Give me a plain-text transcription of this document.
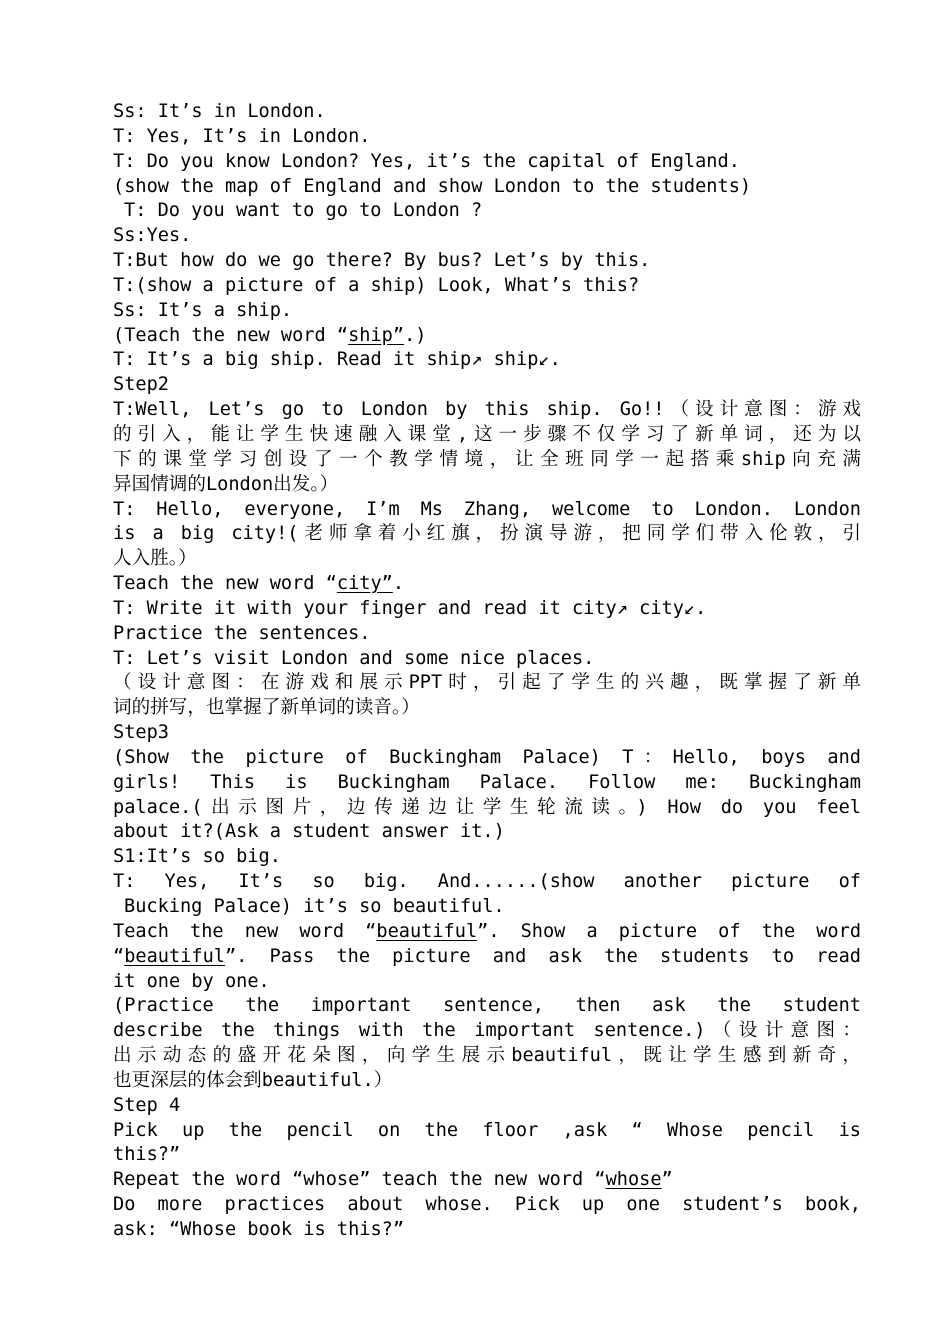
Ss: It’s in London.
T: Yes, It’s in London.
T: Do you know London? Yes, it’s the capital of England.
(show the map of England and show London to the students)
T: Do you want to go to London ?
Ss:Yes.
T:But how do we go there? By bus? Let’s by this.
T:(show a picture of a ship) Look, What’s this?
Ss: It’s a ship.
(Teach the new word “ship”.)
T: It’s a big ship. Read it ship↗ ship↙.
Step2
T:Well, Let’s go to London by this ship. Go!!（设计意图：游戏
的引入，能让学生快速融入课堂,这一步骤不仅学习了新单词，还为以
下的课堂学习创设了一个教学情境，让全班同学一起搭乘ship向充满
异国情调的London出发。）
T: Hello, everyone, I’m Ms Zhang, welcome to London. London
is a big city!(老师拿着小红旗，扮演导游，把同学们带入伦敦，引
人入胜。）
Teach the new word “city”.
T: Write it with your finger and read it city↗ city↙.
Practice the sentences.
T: Let’s visit London and some nice places.
（设计意图：在游戏和展示PPT时，引起了学生的兴趣，既掌握了新单
词的拼写，也掌握了新单词的读音。）
Step3
(Show the picture of Buckingham Palace) T：Hello, boys and
girls! This is Buckingham Palace. Follow me: Buckingham
palace.(出示图片，边传递边让学生轮流读。) How do you feel
about it?(Ask a student answer it.)
S1:It’s so big.
T: Yes, It’s so big. And......(show another picture of
Bucking Palace) it’s so beautiful.
Teach the new word “beautiful”. Show a picture of the word
“beautiful”. Pass the picture and ask the students to read
it one by one.
(Practice the important sentence, then ask the student
describe the things with the important sentence.)（设计意图：
出示动态的盛开花朵图，向学生展示beautiful，既让学生感到新奇，
也更深层的体会到beautiful.）
Step 4
Pick up the pencil on the floor ,ask “ Whose pencil is
this?”
Repeat the word “whose” teach the new word “whose”
Do more practices about whose. Pick up one student’s book,
ask: “Whose book is this?”
